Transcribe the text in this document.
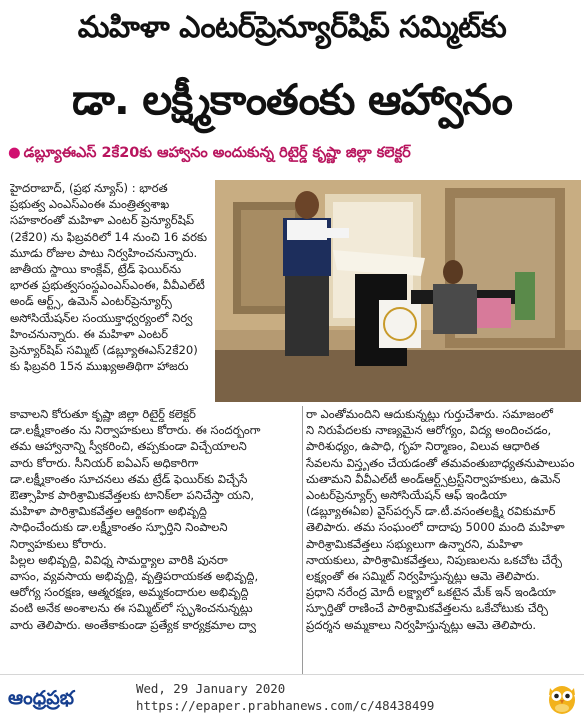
మహిళా ఎంటర్‌ప్రెన్యూర్‌షిప్ సమ్మిట్‌కు
డా. లక్ష్మీకాంతంకు ఆహ్వానం
● డబ్ల్యూఈఎస్ 2కే20కు ఆహ్వానం అందుకున్న రిటైర్డ్ కృష్ణా జిల్లా కలెక్టర్

హైదరాబాద్, (ప్రభ న్యూస్) : భారత

ప్రభుత్వ ఎంఎస్ఎంఈ మంత్రిత్వశాఖ

సహకారంతో మహిళా ఎంటర్ ప్రెన్యూర్‌షిప్

(2కే20) ను ఫిబ్రవరిలో 14 నుంచి 16 వరకు

మూడు రోజుల పాటు నిర్వహించనున్నారు.

జాతీయ స్థాయి కాంక్లేవ్, ట్రేడ్ ఫెయిర్‌ను

భారత ప్రభుత్వసంస్థఎంఎస్ఎంఈ, వీవీఎల్‌టీ

అండ్ ఆర్ట్స్, ఉమెన్ ఎంటర్‌ప్రెన్యూర్స్

అసోసియేషన్‌ల సంయుక్తాధ్వర్యంలో నిర్వ

హించనున్నారు. ఈ మహిళా ఎంటర్

ప్రెన్యూర్‌షిప్ సమ్మిట్ (డబ్ల్యూఈఎస్2కే20)

కు ఫిబ్రవరి 15న ముఖ్యఅతిథిగా హాజరు

కావాలని కోరుతూ కృష్ణా జిల్లా రిటైర్డ్ కలెక్టర్

డా.లక్ష్మీకాంతం ను నిర్వాహకులు కోరారు. ఈ సందర్భంగా

తమ ఆహ్వానాన్ని స్వీకరించి, తప్పకుండా విచ్చేయాలని

వారు కోరారు. సీనియర్ ఐఏఎస్ అధికారిగా

డా.లక్ష్మీకాంతం సూచనలు తమ ట్రేడ్ ఫెయిర్‌కు విచ్చేసే

ఔత్సాహిక పారిశ్రామికవేత్తలకు టానిక్‌లా పనిచేస్తా యని,

మహిళా పారిశ్రామికవేత్తల ఆర్థికంగా అభివృద్ధి

సాధించేందుకు డా.లక్ష్మీకాంతం స్ఫూర్తిని నింపాలని

నిర్వాహకులు కోరారు.

పిల్లల అభివృద్ధి, వివిధ్న సామర్థ్యాల వారికి పునరా

వాసం, వ్యవసాయ అభివృద్ధి, వృత్తిపరాయకత అభివృద్ధి,

ఆరోగ్య సంరక్షణ, ఆత్మరక్షణ, అమ్మకందారుల అభివృద్ధి

వంటి అనేక అంశాలను ఈ సమ్మిట్‌లో స్పృశించనున్నట్లు

వారు తెలిపారు. అంతేకాకుండా ప్రత్యేక కార్యక్రమాల ద్వా

రా ఎంతోమందిని ఆదుకున్నట్లు గుర్తుచేశారు. సమాజంలో

ని నిరుపేదలకు నాణ్యమైన ఆరోగ్యం, విద్య అందించడం,

పారిశుధ్యం, ఉపాధి, గృహ నిర్మాణం, విలువ ఆధారిత

సేవలను విస్తృతం చేయడంతో తమవంతుబాధ్యతనుపాలుపం

చుతామని వీవీఎల్‌టీ అండ్‌ఆర్ట్స్‌ట్రస్ట్‌నిర్వాహకులు, ఉమెన్

ఎంటర్‌ప్రెన్యూర్స్ అసోసియేషన్ ఆఫ్ ఇండియా

(డబ్ల్యూఈఏఐ) వైస్‌పర్సన్ డా.టీ.వసంతలక్ష్మి రవికుమార్

తెలిపారు. తమ సంఘంలో దాదాపు 5000 మంది మహిళా

పారిశ్రామికవేత్తలు సభ్యులుగా ఉన్నారని, మహిళా

నాయకులు, పారిశ్రామికవేత్తలు, నిపుణులను ఒకచోట చేర్చే

లక్ష్యంతో ఈ సమ్మిట్ నిర్వహిస్తున్నట్లు ఆమె తెలిపారు.

ప్రధాని నరేంద్ర మోదీ లక్ష్యాలో ఒకటైన మేక్ ఇన్ ఇండియా

స్ఫూర్తితో రాణించే పారిశ్రామికవేత్తలను ఒకేచోటుకు చేర్చి

ప్రదర్శన అమ్మకాలు నిర్వహిస్తున్నట్లు ఆమె తెలిపారు.

ఆంధ్రప్రభ	Wed, 29 January 2020
https://epaper.prabhanews.com/c/48438499
